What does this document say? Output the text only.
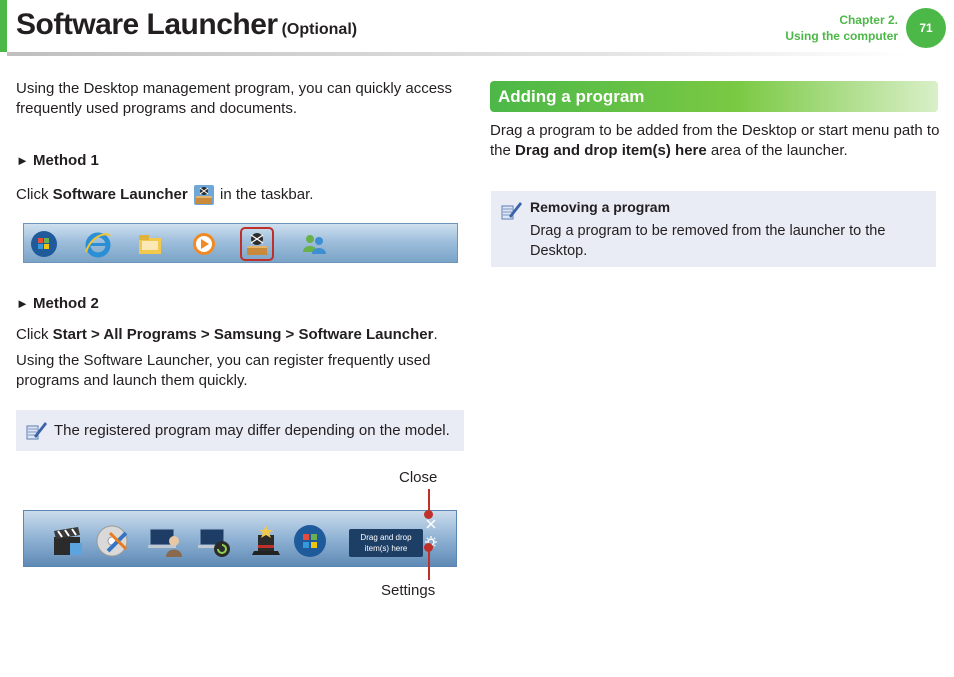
Software Launcher (Optional)
Chapter 2.
Using the computer
71
Using the Desktop management program, you can quickly access frequently used programs and documents.
► Method 1
Click
Software Launcher

in the taskbar.
► Method 2
Click Start > All Programs > Samsung > Software Launcher.
Using the Software Launcher, you can register frequently used programs and launch them quickly.
The registered program may differ depending on the model.
Close
Drag and drop
item(s) here
Settings
Adding a program
Drag a program to be added from the Desktop or start menu path to the Drag and drop item(s) here area of the launcher.
Removing a program
Drag a program to be removed from the launcher to the Desktop.
